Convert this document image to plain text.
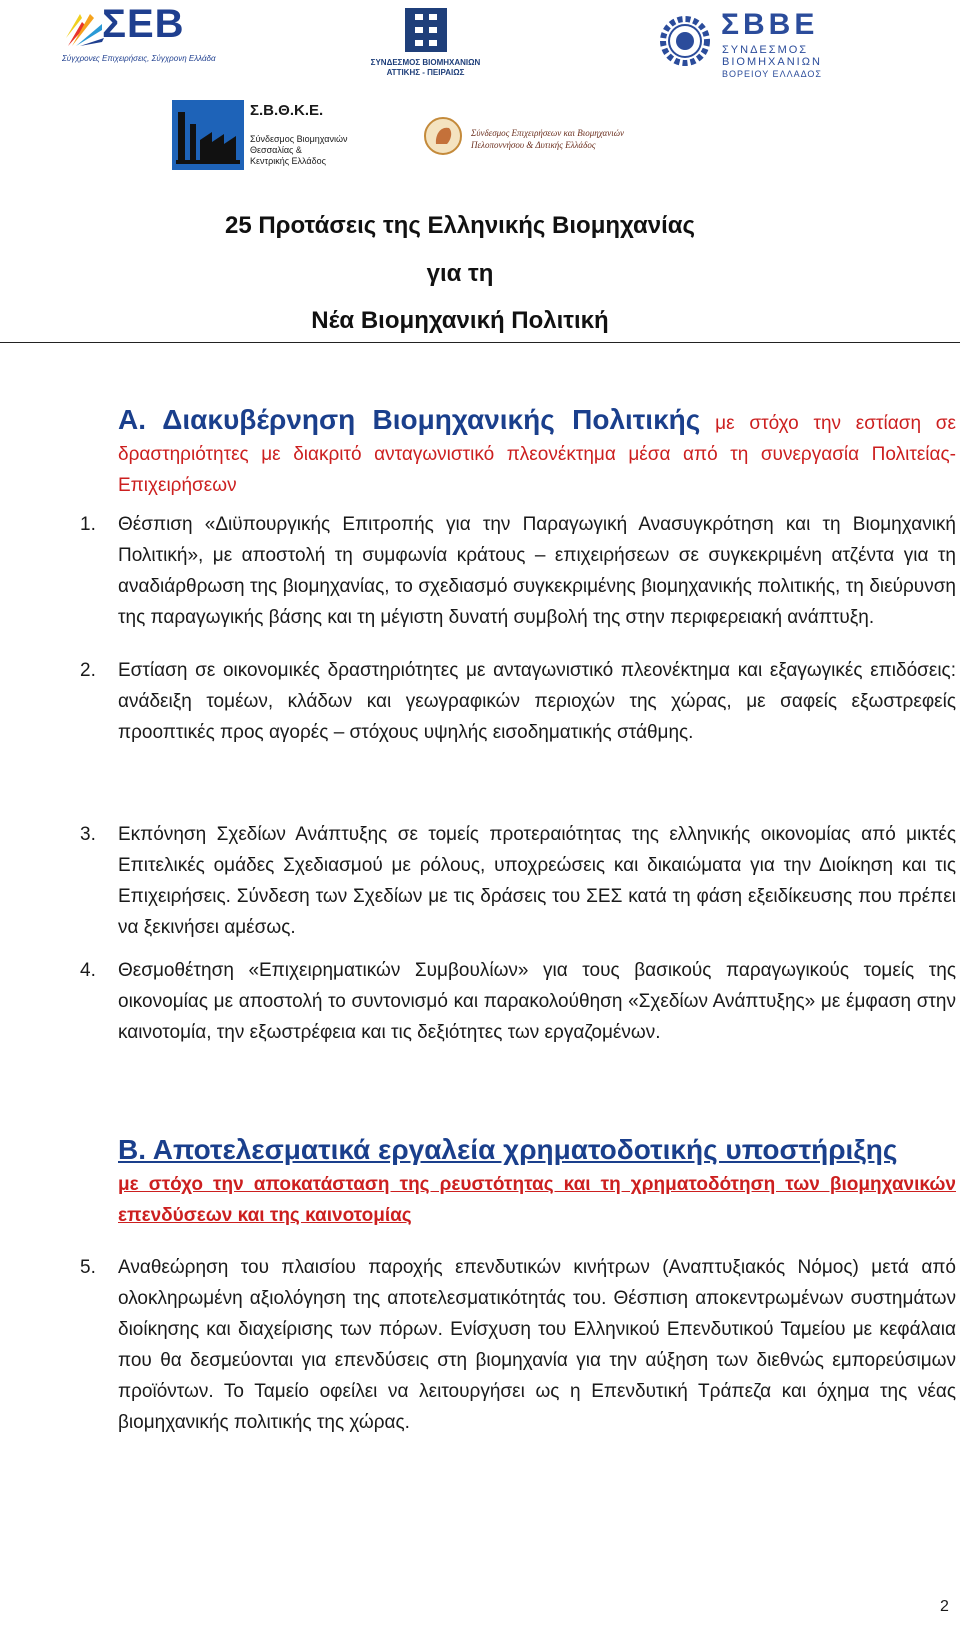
ΣΕΒ
Σύγχρονες Επιχειρήσεις, Σύγχρονη Ελλάδα	ΣΥΝΔΕΣΜΟΣ ΒΙΟΜΗΧΑΝΙΩΝ
ΑΤΤΙΚΗΣ - ΠΕΙΡΑΙΩΣ
ΣΒΒΕ
ΣΥΝΔΕΣΜΟΣ
ΒΙΟΜΗΧΑΝΙΩΝ
ΒΟΡΕΙΟΥ ΕΛΛΑΔΟΣ
Σ.Β.Θ.Κ.Ε.
Σύνδεσμος Βιομηχανιών
Θεσσαλίας &
Κεντρικής Ελλάδος
Σύνδεσμος Επιχειρήσεων και Βιομηχανιών
Πελοποννήσου & Δυτικής Ελλάδος
25 Προτάσεις της Ελληνικής Βιομηχανίας
για τη
Νέα Βιομηχανική Πολιτική
Α. Διακυβέρνηση Βιομηχανικής Πολιτικής με στόχο την εστίαση σε δραστηριότητες με διακριτό ανταγωνιστικό πλεονέκτημα μέσα από τη συνεργασία Πολιτείας-Επιχειρήσεων
1. Θέσπιση «Διϋπουργικής Επιτροπής για την Παραγωγική Ανασυγκρότηση και τη Βιομηχανική Πολιτική», με αποστολή τη συμφωνία κράτους – επιχειρήσεων σε συγκεκριμένη ατζέντα για τη αναδιάρθρωση της βιομηχανίας, το σχεδιασμό συγκεκριμένης βιομηχανικής πολιτικής, τη διεύρυνση της παραγωγικής βάσης και τη μέγιστη δυνατή συμβολή της στην περιφερειακή ανάπτυξη.
2. Εστίαση σε οικονομικές δραστηριότητες με ανταγωνιστικό πλεονέκτημα και εξαγωγικές επιδόσεις: ανάδειξη τομέων, κλάδων και γεωγραφικών περιοχών της χώρας, με σαφείς εξωστρεφείς προοπτικές προς αγορές – στόχους υψηλής εισοδηματικής στάθμης.
3. Εκπόνηση Σχεδίων Ανάπτυξης σε τομείς προτεραιότητας της ελληνικής οικονομίας από μικτές Επιτελικές ομάδες Σχεδιασμού με ρόλους, υποχρεώσεις και δικαιώματα για την Διοίκηση και τις Επιχειρήσεις. Σύνδεση των Σχεδίων με τις δράσεις του ΣΕΣ κατά τη φάση εξειδίκευσης που πρέπει να ξεκινήσει αμέσως.
4. Θεσμοθέτηση «Επιχειρηματικών Συμβουλίων» για τους βασικούς παραγωγικούς τομείς της οικονομίας με αποστολή το συντονισμό και παρακολούθηση «Σχεδίων Ανάπτυξης» με έμφαση στην καινοτομία, την εξωστρέφεια και τις δεξιότητες των εργαζομένων.
Β. Αποτελεσματικά εργαλεία χρηματοδοτικής υποστήριξης
με στόχο την αποκατάσταση της ρευστότητας και τη χρηματοδότηση των βιομηχανικών επενδύσεων και της καινοτομίας
5. Αναθεώρηση του πλαισίου παροχής επενδυτικών κινήτρων (Αναπτυξιακός Νόμος) μετά από ολοκληρωμένη αξιολόγηση της αποτελεσματικότητάς του. Θέσπιση αποκεντρωμένων συστημάτων διοίκησης και διαχείρισης των πόρων. Ενίσχυση του Ελληνικού Επενδυτικού Ταμείου με κεφάλαια που θα δεσμεύονται για επενδύσεις στη βιομηχανία για την αύξηση των διεθνώς εμπορεύσιμων προϊόντων. Το Ταμείο οφείλει να λειτουργήσει ως η Επενδυτική Τράπεζα και όχημα της νέας βιομηχανικής πολιτικής της χώρας.
2
